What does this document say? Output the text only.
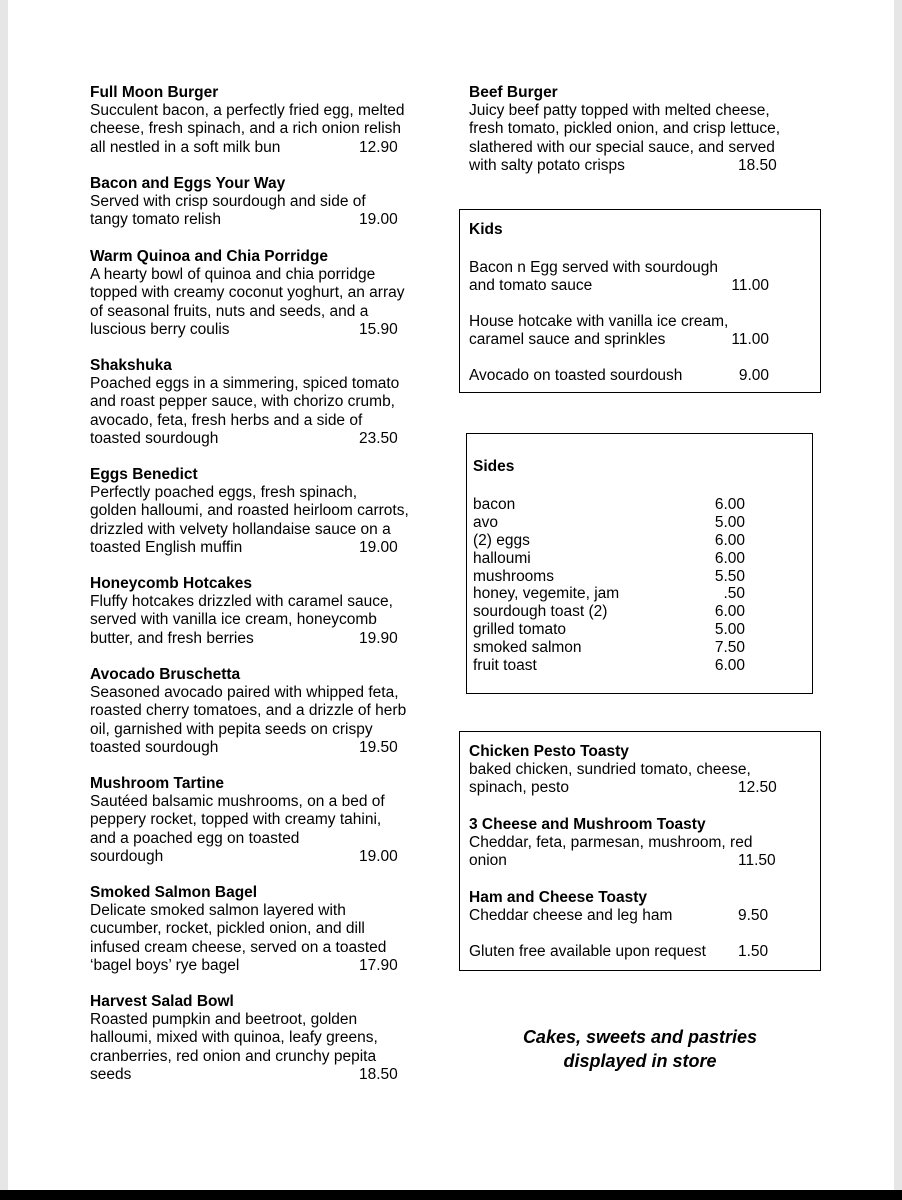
Full Moon Burger
Succulent bacon, a perfectly fried egg, melted
cheese, fresh spinach, and a rich onion relish
all nestled in a soft milk bun	12.90
Bacon and Eggs Your Way
Served with crisp sourdough and side of
tangy tomato relish	19.00
Warm Quinoa and Chia Porridge
A hearty bowl of quinoa and chia porridge
topped with creamy coconut yoghurt, an array
of seasonal fruits, nuts and seeds, and a
luscious berry coulis	15.90
Shakshuka
Poached eggs in a simmering, spiced tomato
and roast pepper sauce, with chorizo crumb,
avocado, feta, fresh herbs and a side of
toasted sourdough	23.50
Eggs Benedict
Perfectly poached eggs, fresh spinach,
golden halloumi, and roasted heirloom carrots,
drizzled with velvety hollandaise sauce on a
toasted English muffin	19.00
Honeycomb Hotcakes
Fluffy hotcakes drizzled with caramel sauce,
served with vanilla ice cream, honeycomb
butter, and fresh berries	19.90
Avocado Bruschetta
Seasoned avocado paired with whipped feta,
roasted cherry tomatoes, and a drizzle of herb
oil, garnished with pepita seeds on crispy
toasted sourdough	19.50
Mushroom Tartine
Sautéed balsamic mushrooms, on a bed of
peppery rocket, topped with creamy tahini,
and a poached egg on toasted
sourdough	19.00
Smoked Salmon Bagel
Delicate smoked salmon layered with
cucumber, rocket, pickled onion, and dill
infused cream cheese, served on a toasted
‘bagel boys’ rye bagel	17.90
Harvest Salad Bowl
Roasted pumpkin and beetroot, golden
halloumi, mixed with quinoa, leafy greens,
cranberries, red onion and crunchy pepita
seeds	18.50
Beef Burger
Juicy beef patty topped with melted cheese,
fresh tomato, pickled onion, and crisp lettuce,
slathered with our special sauce, and served
with salty potato crisps	18.50
Kids
Bacon n Egg served with sourdough
and tomato sauce	11.00
House hotcake with vanilla ice cream,
caramel sauce and sprinkles	11.00
Avocado on toasted sourdoush	9.00
Sides
bacon	6.00
avo	5.00
(2) eggs	6.00
halloumi	6.00
mushrooms	5.50
honey, vegemite, jam	.50
sourdough toast (2)	6.00
grilled tomato	5.00
smoked salmon	7.50
fruit toast	6.00
Chicken Pesto Toasty
baked chicken, sundried tomato, cheese,
spinach, pesto	12.50
3 Cheese and Mushroom Toasty
Cheddar, feta, parmesan, mushroom, red
onion	11.50
Ham and Cheese Toasty
Cheddar cheese and leg ham	9.50
Gluten free available upon request 1.50
Cakes, sweets and pastries
displayed in store
